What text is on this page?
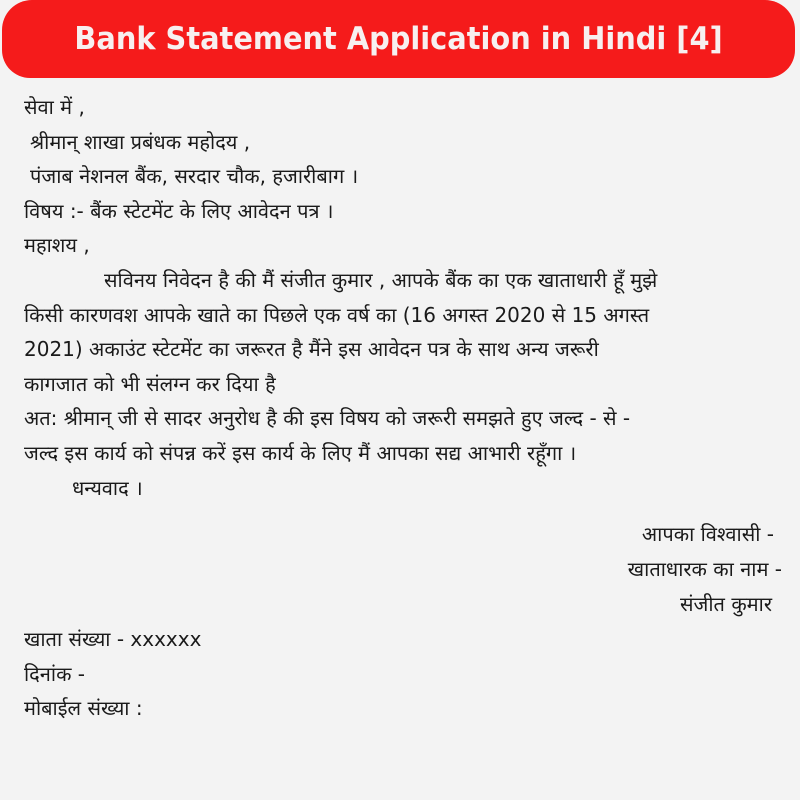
Bank Statement Application in Hindi [4]
सेवा में ,
श्रीमान् शाखा प्रबंधक महोदय ,
पंजाब नेशनल बैंक, सरदार चौक, हजारीबाग ।
विषय :- बैंक स्टेटमेंट के लिए आवेदन पत्र ।
महाशय ,
सविनय निवेदन है की मैं संजीत कुमार , आपके बैंक का एक खाताधारी हूँ मुझे
किसी कारणवश आपके खाते का पिछले एक वर्ष का (16 अगस्त 2020 से 15 अगस्त
2021) अकाउंट स्टेटमेंट का जरूरत है मैंने इस आवेदन पत्र के साथ अन्य जरूरी
कागजात को भी संलग्न कर दिया है
अत: श्रीमान् जी से सादर अनुरोध है की इस विषय को जरूरी समझते हुए जल्द - से -
जल्द इस कार्य को संपन्न करें इस कार्य के लिए मैं आपका सद्य आभारी रहूँगा ।
धन्यवाद ।
आपका विश्वासी -
खाताधारक का नाम -
संजीत कुमार
खाता संख्या - xxxxxx
दिनांक -
मोबाईल संख्या :
